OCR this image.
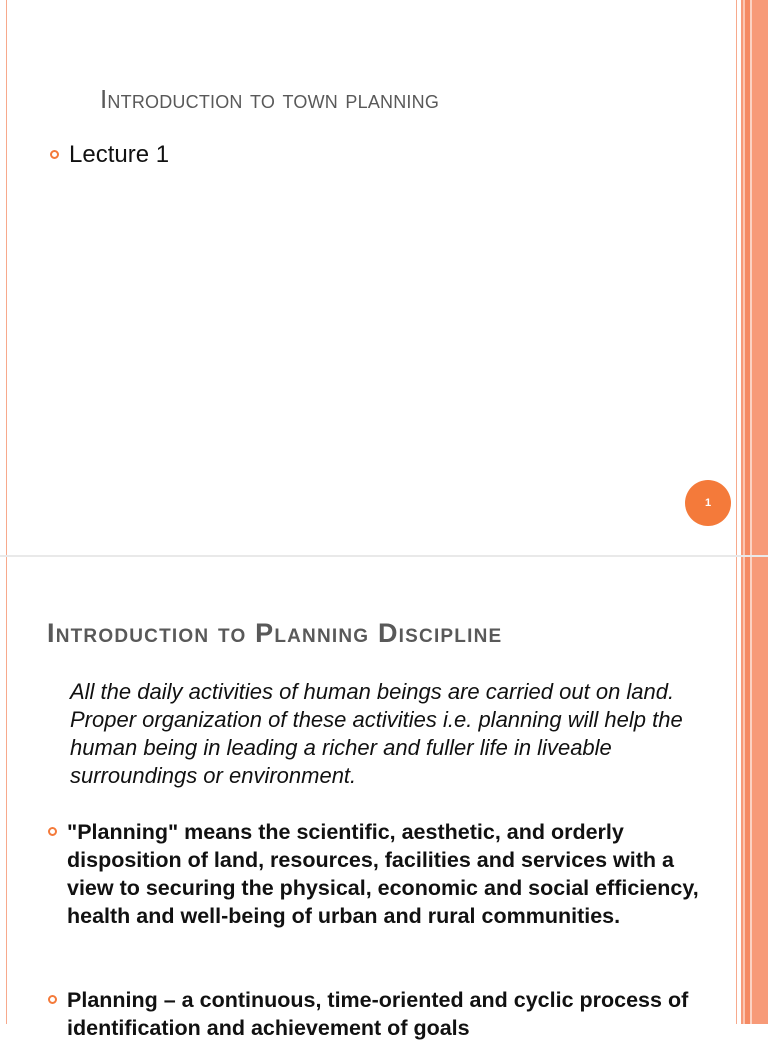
Introduction to town planning
Lecture 1
1
Introduction to Planning Discipline
All the daily activities of human beings are carried out on land. Proper organization of these activities i.e. planning will help the human being in leading a richer and fuller life in liveable surroundings or environment.
"Planning" means the scientific, aesthetic, and orderly disposition of land, resources, facilities and services with a view to securing the physical, economic and social efficiency, health and well-being of urban and rural communities.
Planning – a continuous, time-oriented and cyclic process of identification and achievement of goals
